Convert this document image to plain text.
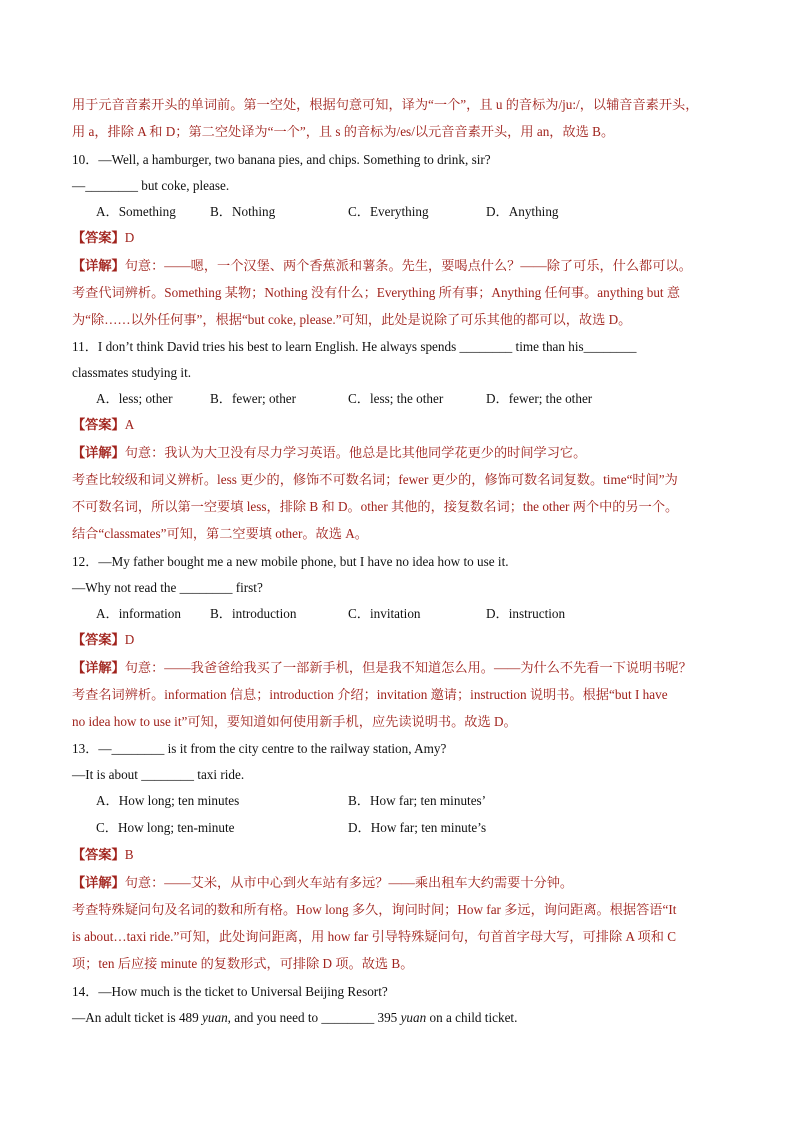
用于元音音素开头的单词前。第一空处，根据句意可知，译为“一个”，且 u 的音标为/ju:/，以辅音音素开头，
用 a，排除 A 和 D；第二空处译为“一个”，且 s 的音标为/es/以元音音素开头，用 an，故选 B。
10．—Well, a hamburger, two banana pies, and chips. Something to drink, sir?
—________ but coke, please.
A．Something	B．Nothing	C．Everything	D．Anything
【答案】D
【详解】句意：——嗯，一个汉堡、两个香蕉派和薯条。先生，要喝点什么？——除了可乐，什么都可以。
考查代词辨析。Something 某物；Nothing 没有什么；Everything 所有事；Anything 任何事。anything but 意
为“除……以外任何事”，根据“but coke, please.”可知，此处是说除了可乐其他的都可以，故选 D。
11．I don’t think David tries his best to learn English. He always spends ________ time than his________
classmates studying it.
A．less; other	B．fewer; other	C．less; the other	D．fewer; the other
【答案】A
【详解】句意：我认为大卫没有尽力学习英语。他总是比其他同学花更少的时间学习它。
考查比较级和词义辨析。less 更少的，修饰不可数名词；fewer 更少的，修饰可数名词复数。time“时间”为
不可数名词，所以第一空要填 less，排除 B 和 D。other 其他的，接复数名词；the other 两个中的另一个。
结合“classmates”可知，第二空要填 other。故选 A。
12．—My father bought me a new mobile phone, but I have no idea how to use it.
—Why not read the ________ first?
A．information B．introduction	C．invitation	D．instruction
【答案】D
【详解】句意：——我爸爸给我买了一部新手机，但是我不知道怎么用。——为什么不先看一下说明书呢？
考查名词辨析。information 信息；introduction 介绍；invitation 邀请；instruction 说明书。根据“but I have
no idea how to use it”可知，要知道如何使用新手机，应先读说明书。故选 D。
13．—________ is it from the city centre to the railway station, Amy?
—It is about ________ taxi ride.
A．How long; ten minutes	B．How far; ten minutes’
C．How long; ten-minute	D．How far; ten minute’s
【答案】B
【详解】句意：——艾米，从市中心到火车站有多远？——乘出租车大约需要十分钟。
考查特殊疑问句及名词的数和所有格。How long 多久，询问时间；How far 多远，询问距离。根据答语“It
is about…taxi ride.”可知，此处询问距离，用 how far 引导特殊疑问句，句首首字母大写，可排除 A 项和 C
项；ten 后应接 minute 的复数形式，可排除 D 项。故选 B。
14．—How much is the ticket to Universal Beijing Resort?
—An adult ticket is 489 yuan, and you need to ________ 395 yuan on a child ticket.
